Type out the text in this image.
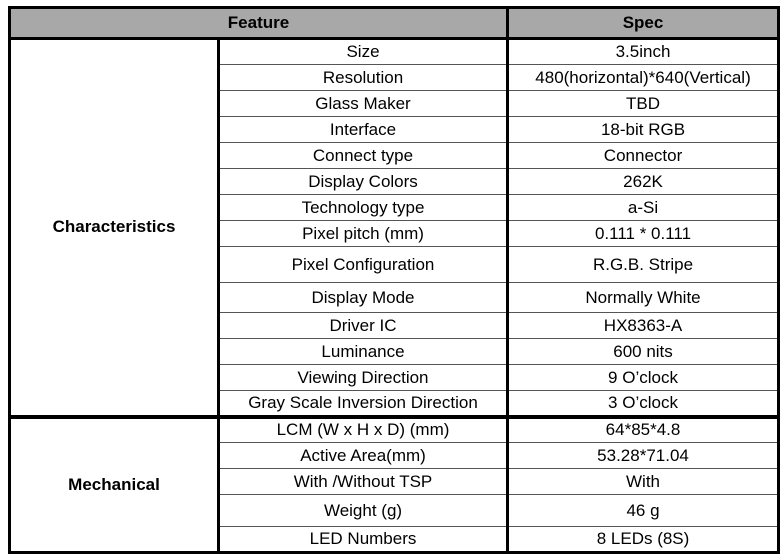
Feature		Spec
Characteristics	Size	3.5inch
	Resolution	480(horizontal)*640(Vertical)
	Glass Maker	TBD
	Interface	18-bit RGB
	Connect type	Connector
	Display Colors	262K
	Technology type	a-Si
	Pixel pitch (mm)	0.111 * 0.111
	Pixel Configuration	R.G.B. Stripe
	Display Mode	Normally White
	Driver IC	HX8363-A
	Luminance	600 nits
	Viewing Direction	9 O’clock
	Gray Scale Inversion Direction	3 O’clock
Mechanical	LCM (W x H x D) (mm)	64*85*4.8
	Active Area(mm)	53.28*71.04
	With /Without TSP	With
	Weight (g)	46 g
	LED Numbers	8 LEDs (8S)
